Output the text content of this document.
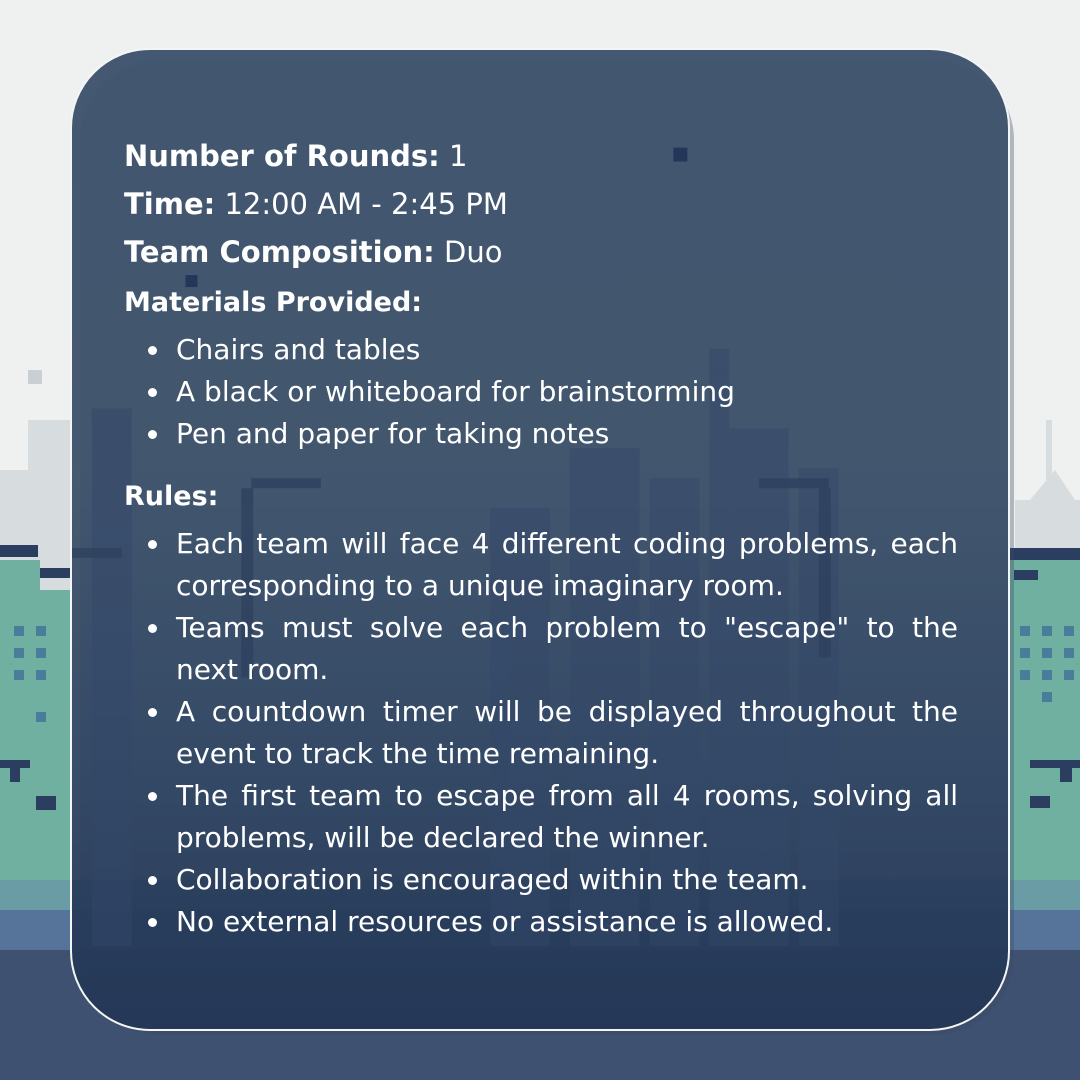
Number of Rounds: 1
Time: 12:00 AM - 2:45 PM
Team Composition: Duo
Materials Provided:
Chairs and tables
A black or whiteboard for brainstorming
Pen and paper for taking notes
Rules:
Each team will face 4 different coding problems, each corresponding to a unique imaginary room.
Teams must solve each problem to "escape" to the next room.
A countdown timer will be displayed throughout the event to track the time remaining.
The first team to escape from all 4 rooms, solving all problems, will be declared the winner.
Collaboration is encouraged within the team.
No external resources or assistance is allowed.
